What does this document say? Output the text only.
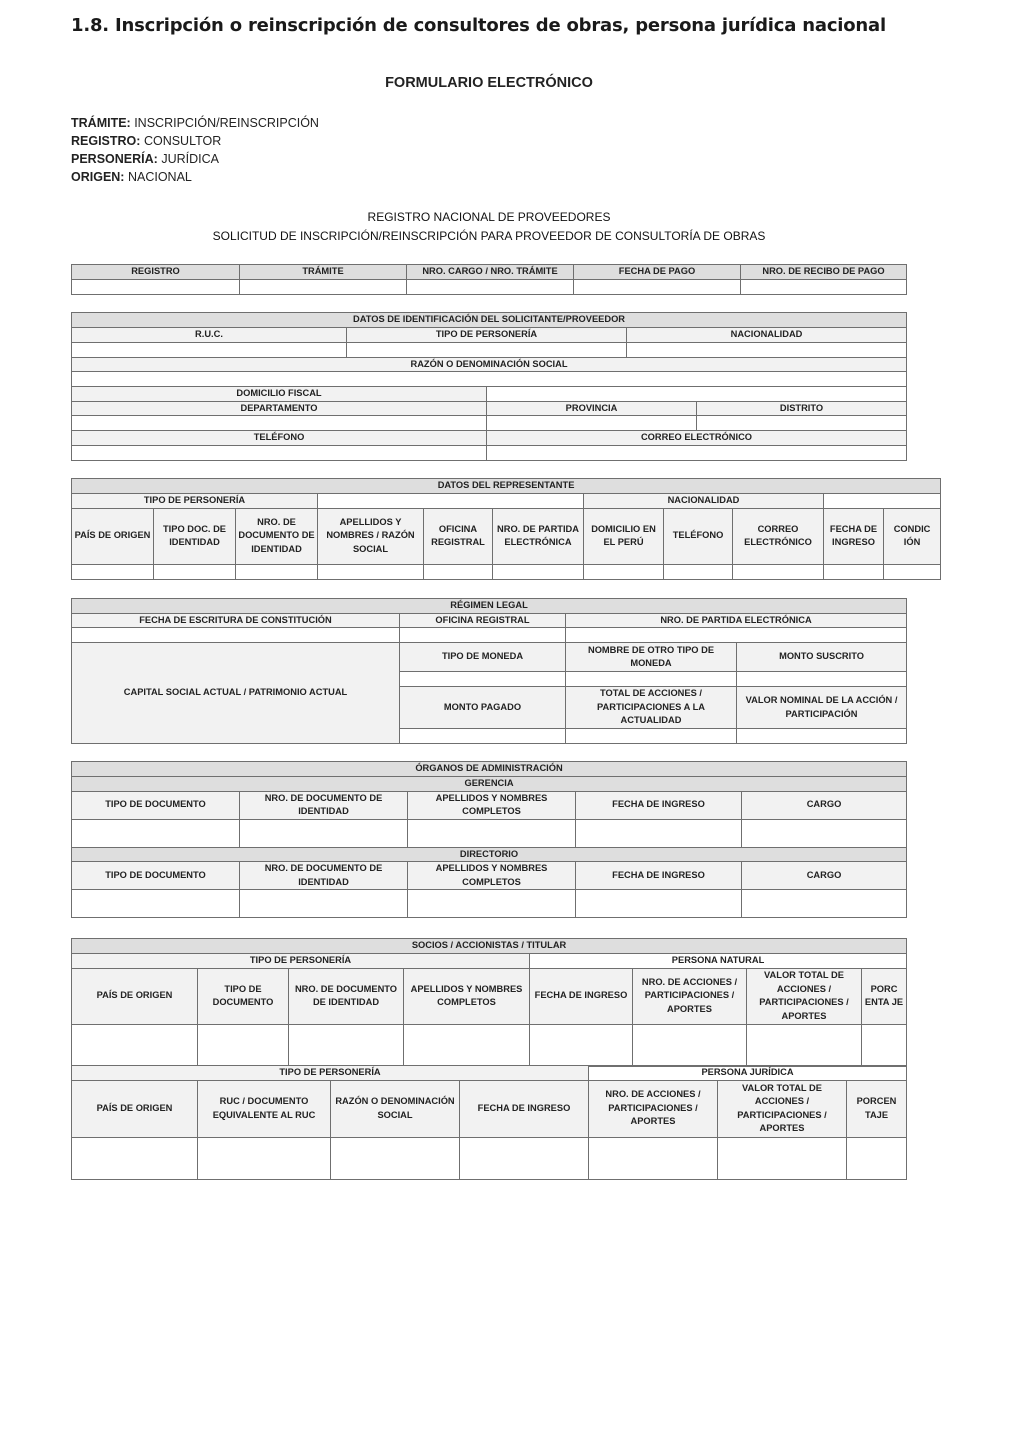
1.8. Inscripción o reinscripción de consultores de obras, persona jurídica nacional
FORMULARIO ELECTRÓNICO
TRÁMITE: INSCRIPCIÓN/REINSCRIPCIÓN
REGISTRO: CONSULTOR
PERSONERÍA: JURÍDICA
ORIGEN: NACIONAL
REGISTRO NACIONAL DE PROVEEDORES
SOLICITUD DE INSCRIPCIÓN/REINSCRIPCIÓN PARA PROVEEDOR DE CONSULTORÍA DE OBRAS
REGISTRO	TRÁMITE	NRO. CARGO / NRO. TRÁMITE	FECHA DE PAGO	NRO. DE RECIBO DE PAGO

DATOS DE IDENTIFICACIÓN DEL SOLICITANTE/PROVEEDOR				
R.U.C.	TIPO DE PERSONERÍA		NACIONALIDAD	

RAZÓN O DENOMINACIÓN SOCIAL				

DOMICILIO FISCAL				
DEPARTAMENTO		PROVINCIA		DISTRITO

TELÉFONO		CORREO ELECTRÓNICO		

DATOS DEL REPRESENTANTE										
TIPO DE PERSONERÍA						NACIONALIDAD				
PAÍS DE ORIGEN	TIPO DOC. DE IDENTIDAD	NRO. DE DOCUMENTO DE IDENTIDAD	APELLIDOS Y NOMBRES / RAZÓN SOCIAL	OFICINA REGISTRAL	NRO. DE PARTIDA ELECTRÓNICA	DOMICILIO EN EL PERÚ	TELÉFONO	CORREO ELECTRÓNICO	FECHA DE INGRESO	CONDIC IÓN

RÉGIMEN LEGAL			
FECHA DE ESCRITURA DE CONSTITUCIÓN	OFICINA REGISTRAL	NRO. DE PARTIDA ELECTRÓNICA	

CAPITAL SOCIAL ACTUAL / PATRIMONIO ACTUAL	TIPO DE MONEDA	NOMBRE DE OTRO TIPO DE MONEDA	MONTO SUSCRITO

	MONTO PAGADO	TOTAL DE ACCIONES / PARTICIPACIONES A LA ACTUALIDAD	VALOR NOMINAL DE LA ACCIÓN / PARTICIPACIÓN

ÓRGANOS DE ADMINISTRACIÓN				
GERENCIA				
TIPO DE DOCUMENTO	NRO. DE DOCUMENTO DE IDENTIDAD	APELLIDOS Y NOMBRES COMPLETOS	FECHA DE INGRESO	CARGO

DIRECTORIO				
TIPO DE DOCUMENTO	NRO. DE DOCUMENTO DE IDENTIDAD	APELLIDOS Y NOMBRES COMPLETOS	FECHA DE INGRESO	CARGO

SOCIOS / ACCIONISTAS / TITULAR							
TIPO DE PERSONERÍA				PERSONA NATURAL			
PAÍS DE ORIGEN	TIPO DE DOCUMENTO	NRO. DE DOCUMENTO DE IDENTIDAD	APELLIDOS Y NOMBRES COMPLETOS	FECHA DE INGRESO	NRO. DE ACCIONES / PARTICIPACIONES / APORTES	VALOR TOTAL DE ACCIONES / PARTICIPACIONES / APORTES	PORC ENTA JE

TIPO DE PERSONERÍA				PERSONA JURÍDICA		
PAÍS DE ORIGEN	RUC / DOCUMENTO EQUIVALENTE AL RUC	RAZÓN O DENOMINACIÓN SOCIAL	FECHA DE INGRESO	NRO. DE ACCIONES / PARTICIPACIONES / APORTES	VALOR TOTAL DE ACCIONES / PARTICIPACIONES / APORTES	PORCEN TAJE
